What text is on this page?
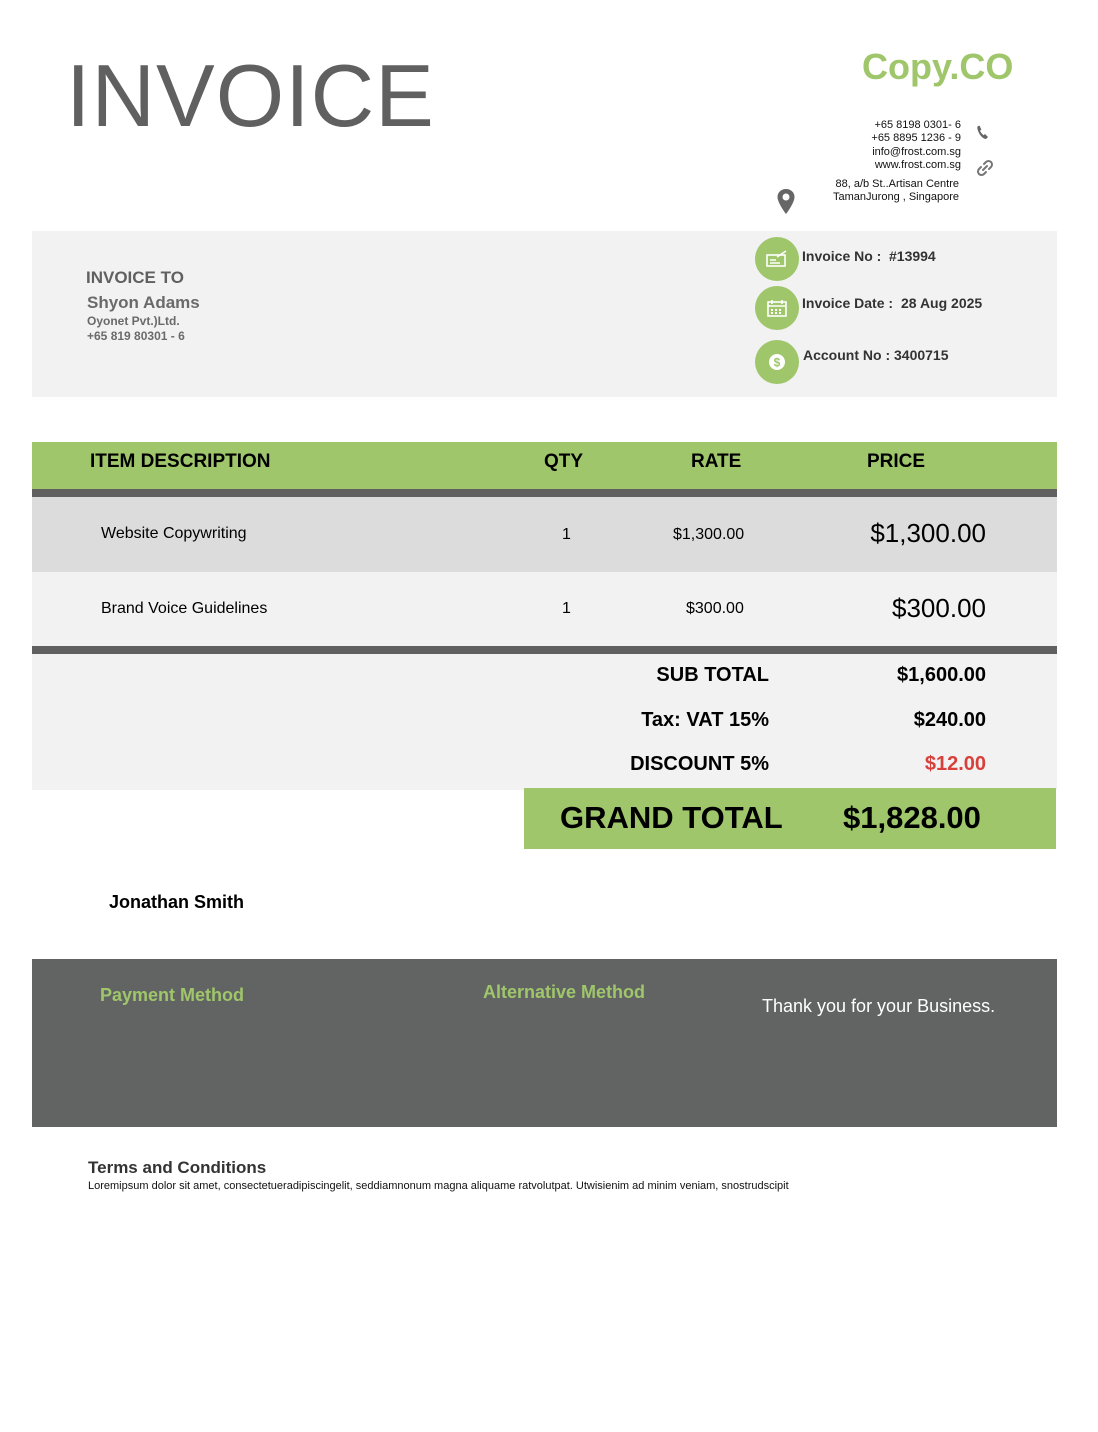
INVOICE	Copy.CO
+65 8198 0301- 6
+65 8895 1236 - 9
info@frost.com.sg
www.frost.com.sg
88, a/b St..Artisan Centre
TamanJurong , Singapore
INVOICE TO
Shyon Adams
Oyonet Pvt.)Ltd.
+65 819 80301 - 6
Invoice No : #13994
Invoice Date : 28 Aug 2025
$ Account No : 3400715
ITEM DESCRIPTION	QTY	RATE	PRICE
Website Copywriting	1	$1,300.00	$1,300.00
Brand Voice Guidelines	1	$300.00	$300.00
SUB TOTAL	$1,600.00
Tax: VAT 15%	$240.00
DISCOUNT 5%	$12.00
GRAND TOTAL $1,828.00
Jonathan Smith
Payment Method	Alternative Method
Thank you for your Business.
Terms and Conditions
Loremipsum dolor sit amet, consectetueradipiscingelit, seddiamnonum magna aliquame ratvolutpat. Utwisienim ad minim veniam, snostrudscipit
